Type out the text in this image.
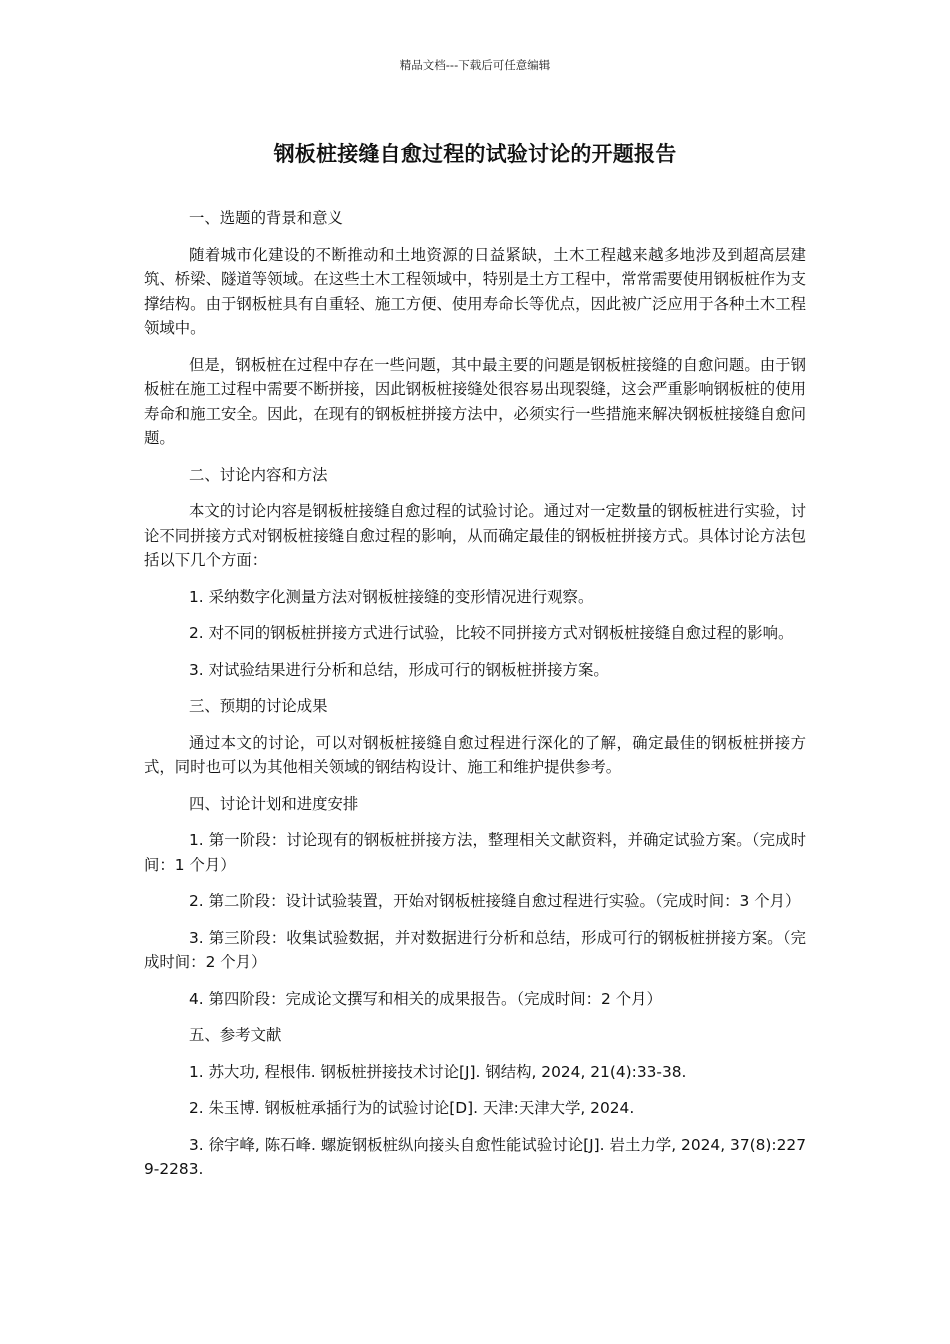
精品文档---下载后可任意编辑
钢板桩接缝自愈过程的试验讨论的开题报告
一、选题的背景和意义
随着城市化建设的不断推动和土地资源的日益紧缺，土木工程越来越多地涉及到超高层建筑、桥梁、隧道等领域。在这些土木工程领域中，特别是土方工程中，常常需要使用钢板桩作为支撑结构。由于钢板桩具有自重轻、施工方便、使用寿命长等优点，因此被广泛应用于各种土木工程领域中。
但是，钢板桩在过程中存在一些问题，其中最主要的问题是钢板桩接缝的自愈问题。由于钢板桩在施工过程中需要不断拼接，因此钢板桩接缝处很容易出现裂缝，这会严重影响钢板桩的使用寿命和施工安全。因此，在现有的钢板桩拼接方法中，必须实行一些措施来解决钢板桩接缝自愈问题。
二、讨论内容和方法
本文的讨论内容是钢板桩接缝自愈过程的试验讨论。通过对一定数量的钢板桩进行实验，讨论不同拼接方式对钢板桩接缝自愈过程的影响，从而确定最佳的钢板桩拼接方式。具体讨论方法包括以下几个方面：
1. 采纳数字化测量方法对钢板桩接缝的变形情况进行观察。
2. 对不同的钢板桩拼接方式进行试验，比较不同拼接方式对钢板桩接缝自愈过程的影响。
3. 对试验结果进行分析和总结，形成可行的钢板桩拼接方案。
三、预期的讨论成果
通过本文的讨论，可以对钢板桩接缝自愈过程进行深化的了解，确定最佳的钢板桩拼接方式，同时也可以为其他相关领域的钢结构设计、施工和维护提供参考。
四、讨论计划和进度安排
1. 第一阶段：讨论现有的钢板桩拼接方法，整理相关文献资料，并确定试验方案。（完成时间：1 个月）
2. 第二阶段：设计试验装置，开始对钢板桩接缝自愈过程进行实验。（完成时间：3 个月）
3. 第三阶段：收集试验数据，并对数据进行分析和总结，形成可行的钢板桩拼接方案。（完成时间：2 个月）
4. 第四阶段：完成论文撰写和相关的成果报告。（完成时间：2 个月）
五、参考文献
1. 苏大功, 程根伟. 钢板桩拼接技术讨论[J]. 钢结构, 2024, 21(4):33-38.
2. 朱玉博. 钢板桩承插行为的试验讨论[D]. 天津:天津大学, 2024.
3. 徐宇峰, 陈石峰. 螺旋钢板桩纵向接头自愈性能试验讨论[J]. 岩土力学, 2024, 37(8):2279-2283.
